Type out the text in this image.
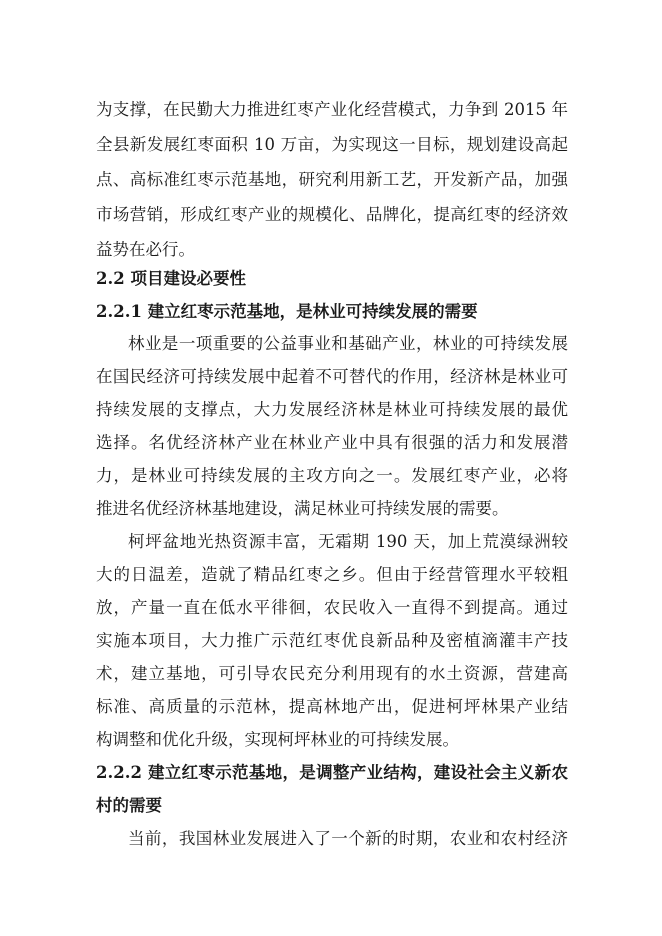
为支撑，在民勤大力推进红枣产业化经营模式，力争到 2015 年
全县新发展红枣面积 10 万亩，为实现这一目标，规划建设高起
点、高标准红枣示范基地，研究利用新工艺，开发新产品，加强
市场营销，形成红枣产业的规模化、品牌化，提高红枣的经济效
益势在必行。
2.2 项目建设必要性
2.2.1 建立红枣示范基地，是林业可持续发展的需要
林业是一项重要的公益事业和基础产业，林业的可持续发展
在国民经济可持续发展中起着不可替代的作用，经济林是林业可
持续发展的支撑点，大力发展经济林是林业可持续发展的最优
选择。名优经济林产业在林业产业中具有很强的活力和发展潜
力，是林业可持续发展的主攻方向之一。发展红枣产业，必将
推进名优经济林基地建设，满足林业可持续发展的需要。
柯坪盆地光热资源丰富，无霜期 190 天，加上荒漠绿洲较
大的日温差，造就了精品红枣之乡。但由于经营管理水平较粗
放，产量一直在低水平徘徊，农民收入一直得不到提高。通过
实施本项目，大力推广示范红枣优良新品种及密植滴灌丰产技
术，建立基地，可引导农民充分利用现有的水土资源，营建高
标准、高质量的示范林，提高林地产出，促进柯坪林果产业结
构调整和优化升级，实现柯坪林业的可持续发展。
2.2.2 建立红枣示范基地，是调整产业结构，建设社会主义新农
村的需要
当前，我国林业发展进入了一个新的时期，农业和农村经济
